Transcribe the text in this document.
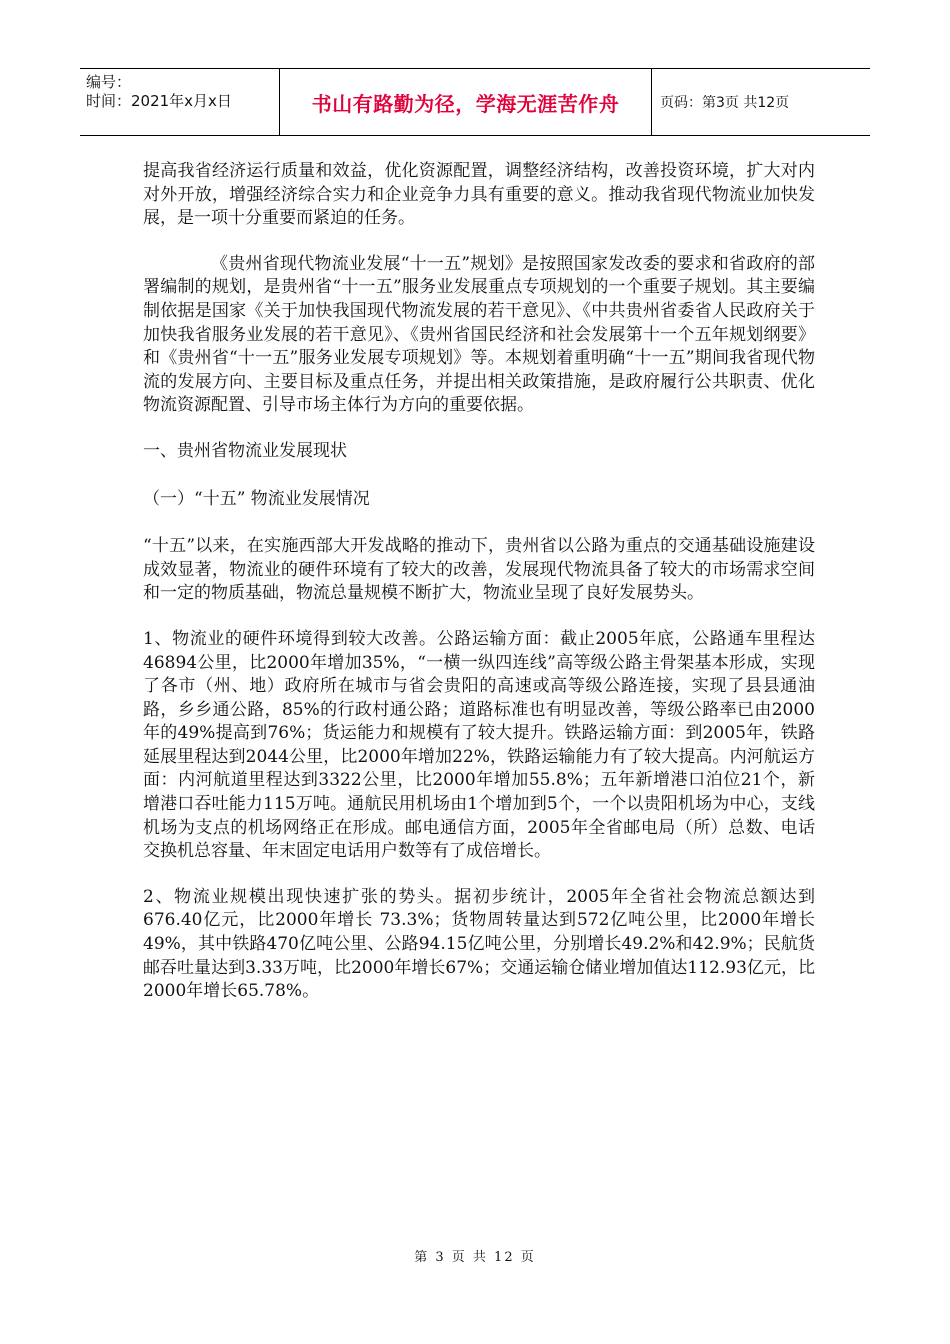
编号：
时间：2021年x月x日	书山有路勤为径，学海无涯苦作舟	页码：第3页 共12页

提高我省经济运行质量和效益，优化资源配置，调整经济结构，改善投资环境，扩大对内对外开放，增强经济综合实力和企业竞争力具有重要的意义。推动我省现代物流业加快发展，是一项十分重要而紧迫的任务。

《贵州省现代物流业发展“十一五”规划》是按照国家发改委的要求和省政府的部署编制的规划，是贵州省“十一五”服务业发展重点专项规划的一个重要子规划。其主要编制依据是国家《关于加快我国现代物流发展的若干意见》、《中共贵州省委省人民政府关于加快我省服务业发展的若干意见》、《贵州省国民经济和社会发展第十一个五年规划纲要》和《贵州省“十一五”服务业发展专项规划》等。本规划着重明确“十一五”期间我省现代物流的发展方向、主要目标及重点任务，并提出相关政策措施，是政府履行公共职责、优化物流资源配置、引导市场主体行为方向的重要依据。

一、贵州省物流业发展现状

（一）“十五” 物流业发展情况

“十五”以来，在实施西部大开发战略的推动下，贵州省以公路为重点的交通基础设施建设成效显著，物流业的硬件环境有了较大的改善，发展现代物流具备了较大的市场需求空间和一定的物质基础，物流总量规模不断扩大，物流业呈现了良好发展势头。

1、物流业的硬件环境得到较大改善。公路运输方面：截止2005年底，公路通车里程达46894公里，比2000年增加35%，“一横一纵四连线”高等级公路主骨架基本形成，实现了各市（州、地）政府所在城市与省会贵阳的高速或高等级公路连接，实现了县县通油路，乡乡通公路，85%的行政村通公路；道路标准也有明显改善，等级公路率已由2000年的49%提高到76%；货运能力和规模有了较大提升。铁路运输方面：到2005年，铁路延展里程达到2044公里，比2000年增加22%，铁路运输能力有了较大提高。内河航运方面：内河航道里程达到3322公里，比2000年增加55.8%；五年新增港口泊位21个，新增港口吞吐能力115万吨。通航民用机场由1个增加到5个，一个以贵阳机场为中心，支线机场为支点的机场网络正在形成。邮电通信方面，2005年全省邮电局（所）总数、电话交换机总容量、年末固定电话用户数等有了成倍增长。

2、物流业规模出现快速扩张的势头。据初步统计，2005年全省社会物流总额达到676.40亿元，比2000年增长 73.3%；货物周转量达到572亿吨公里，比2000年增长49%，其中铁路470亿吨公里、公路94.15亿吨公里，分别增长49.2%和42.9%；民航货邮吞吐量达到3.33万吨，比2000年增长67%；交通运输仓储业增加值达112.93亿元，比2000年增长65.78%。

第 3 页 共 12 页
